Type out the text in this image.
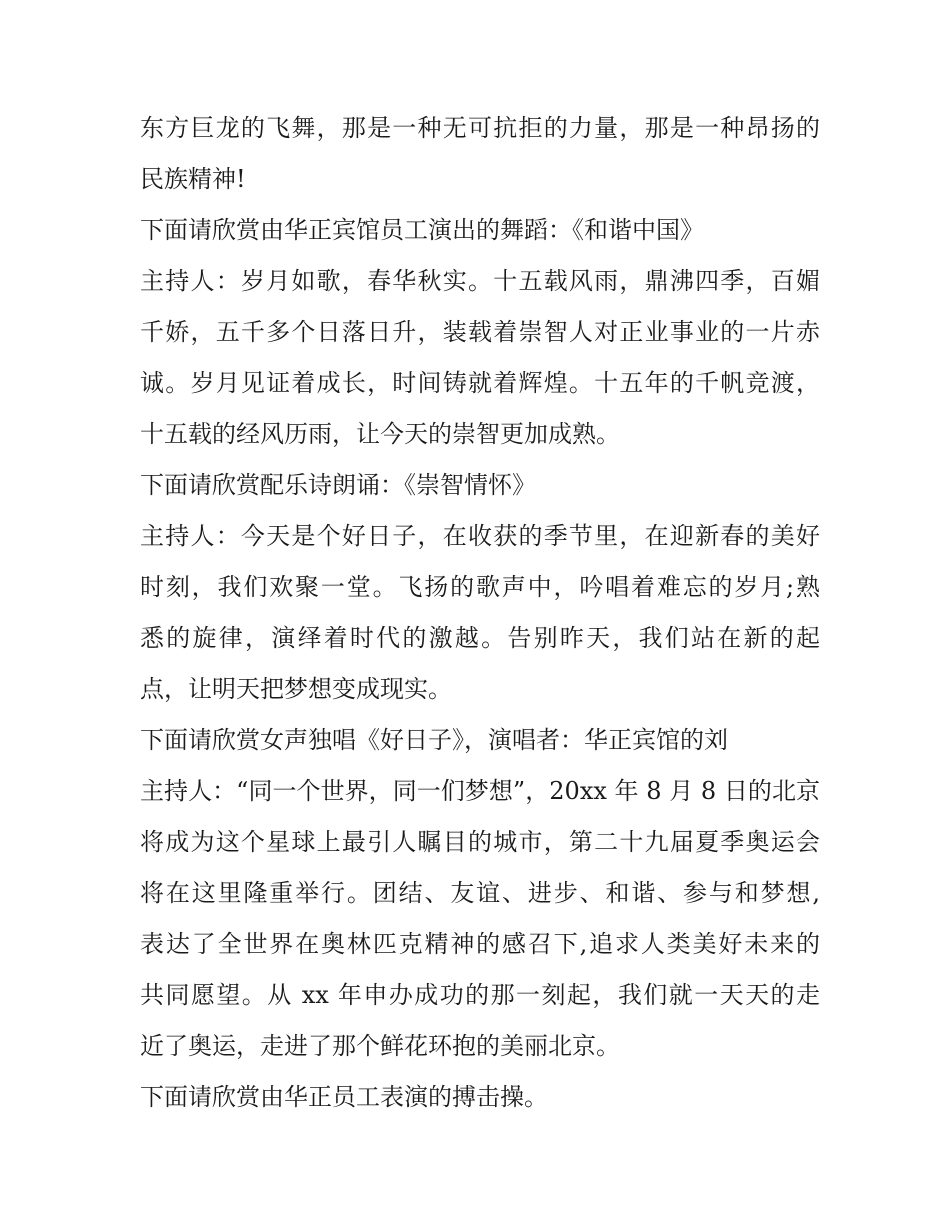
东方巨龙的飞舞，那是一种无可抗拒的力量，那是一种昂扬的
民族精神!
下面请欣赏由华正宾馆员工演出的舞蹈：《和谐中国》
主持人：岁月如歌，春华秋实。十五载风雨，鼎沸四季，百媚
千娇，五千多个日落日升，装载着崇智人对正业事业的一片赤
诚。岁月见证着成长，时间铸就着辉煌。十五年的千帆竞渡，
十五载的经风历雨，让今天的崇智更加成熟。
下面请欣赏配乐诗朗诵：《崇智情怀》
主持人：今天是个好日子，在收获的季节里，在迎新春的美好
时刻，我们欢聚一堂。飞扬的歌声中，吟唱着难忘的岁月;熟
悉的旋律，演绎着时代的激越。告别昨天，我们站在新的起
点，让明天把梦想变成现实。
下面请欣赏女声独唱《好日子》，演唱者：华正宾馆的刘
主持人：“同一个世界，同一们梦想”，20xx 年 8 月 8 日的北京
将成为这个星球上最引人瞩目的城市，第二十九届夏季奥运会
将在这里隆重举行。团结、友谊、进步、和谐、参与和梦想,
表达了全世界在奥林匹克精神的感召下,追求人类美好未来的
共同愿望。从 xx 年申办成功的那一刻起，我们就一天天的走
近了奥运，走进了那个鲜花环抱的美丽北京。
下面请欣赏由华正员工表演的搏击操。
